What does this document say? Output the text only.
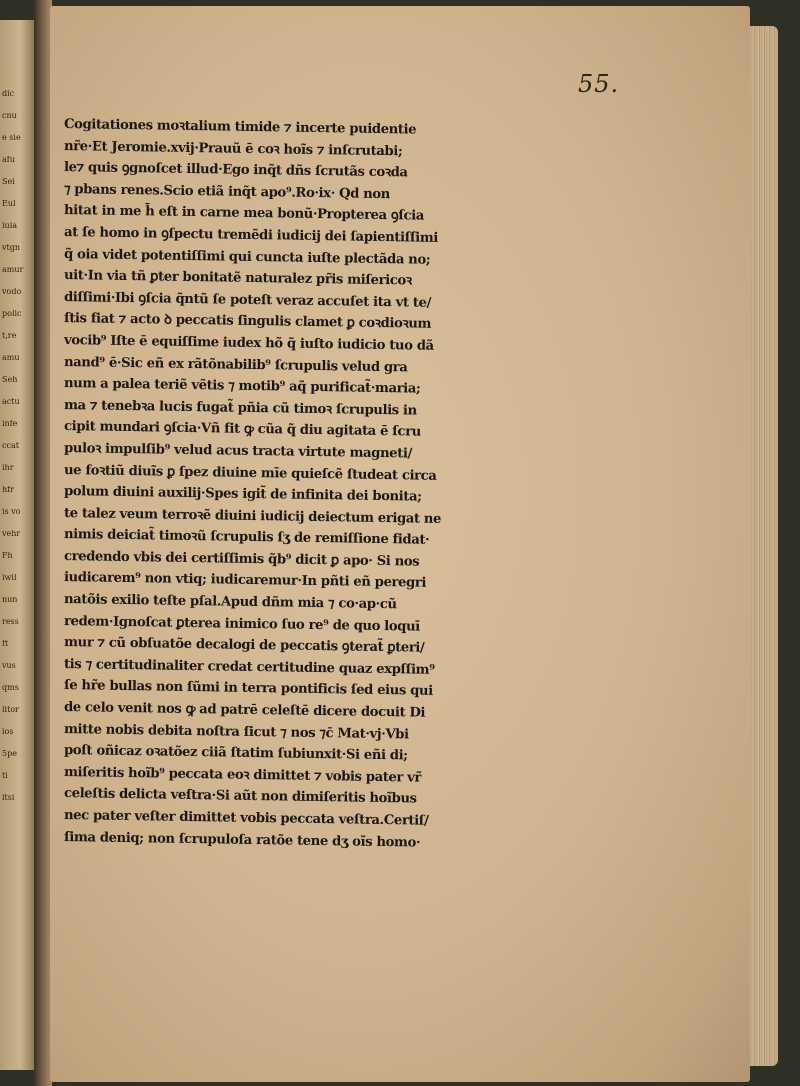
dic
cnu
e sie
afu
Sei
Eul
iuia
vtgn
amur
vodo
polic
t,re
amu
Seh
actu
infe
ccat
ihr
hfr
is vo
vehr
Fh
iwil
nun
ress
ft
vus
qms
lltor
ios
5pe
ti
ltsi
55.
Cogitationes moꝛtalium timide ⁊ incerte puidentie
nr̃e·Et Jeromie.xvij·Prauũ ē coꝛ hoĩs ⁊ inſcrutabi;
le⁊ quis ꝯgnoſcet illud·Ego inq̃t dñs ſcrutãs coꝛda
⁊ pbans renes.Scio etiã inq̃t apo⁹.Ro·ix· Qd non
hitat in me h̄ eſt in carne mea bonũ·Propterea ꝯſcia
at ſe homo in ꝯſpectu tremẽdi iudicij dei ſapientiſſimi
q̃ oia videt potentiſſimi qui cuncta iuſte plectãda no;
uit·In via tñ ꝑter bonitatẽ naturalez pr̃is miſericoꝛ
diſſimi·Ibi ꝯſcia q̃ntũ ſe poteſt veraz accuſet ita vt te/
ſtis fiat ⁊ acto ꝺ peccatis ſingulis clamet ꝑ coꝛdioꝛum
vocib⁹ Iſte ē equiſſime iudex hõ q̃ iuſto iudicio tuo dã
nand⁹ ē·Sic eñ ex rãtõnabilib⁹ ſcrupulis velud gra
num a palea teriẽ vẽtis ⁊ motib⁹ aq̃ purificat̃·maria;
ma ⁊ tenebꝛa lucis fugat̃ pñia cũ timoꝛ ſcrupulis in
cipit mundari ꝯſcia·Vñ fit ꝙ cũa q̃ diu agitata ē ſcru
puloꝛ impulſib⁹ velud acus tracta virtute magneti/
ue foꝛtiũ diuĩs ꝑ ſpez diuine mīe quieſcẽ ſtudeat circa
polum diuini auxilij·Spes igit̃ de infinita dei bonita;
te talez veum terroꝛẽ diuini iudicij deiectum erigat ne
nimis deiciat̃ timoꝛũ ſcrupulis ſʒ de remiſſione fidat·
credendo vbis dei certiſſimis q̃b⁹ dicit ꝑ apo· Si nos
iudicarem⁹ non vtiq; iudicaremur·In pñti eñ peregri
natõis exilio teſte pſal.Apud dñm mia ⁊ co·ap·cũ
redem·Ignoſcat ꝑterea inimico ſuo re⁹ de quo loquī
mur ⁊ cũ obſuatõe decalogi de peccatis ꝯterat̃ ꝑteri/
tis ⁊ certitudinaliter credat certitudine quaz expſſim⁹
ſe hr̃e bullas non ſũmi in terra pontificis ſed eius qui
de celo venit nos ꝙ ad patrē celeſtē dicere docuit Di
mitte nobis debita noſtra ſicut ⁊ nos ⁊c̄ Mat·vj·Vbi
poſt oñicaz oꝛatõez ciiã ſtatim ſubiunxit·Si eñi di;
miſeritis hoĩb⁹ peccata eoꝛ dimittet ⁊ vobis pater vr̃
celeſtis delicta veſtra·Si aũt non dimiſeritis hoĩbus
nec pater veſter dimittet vobis peccata veſtra.Certiſ/
ſima deniq; non ſcrupuloſa ratõe tene dʒ oĩs homo·
